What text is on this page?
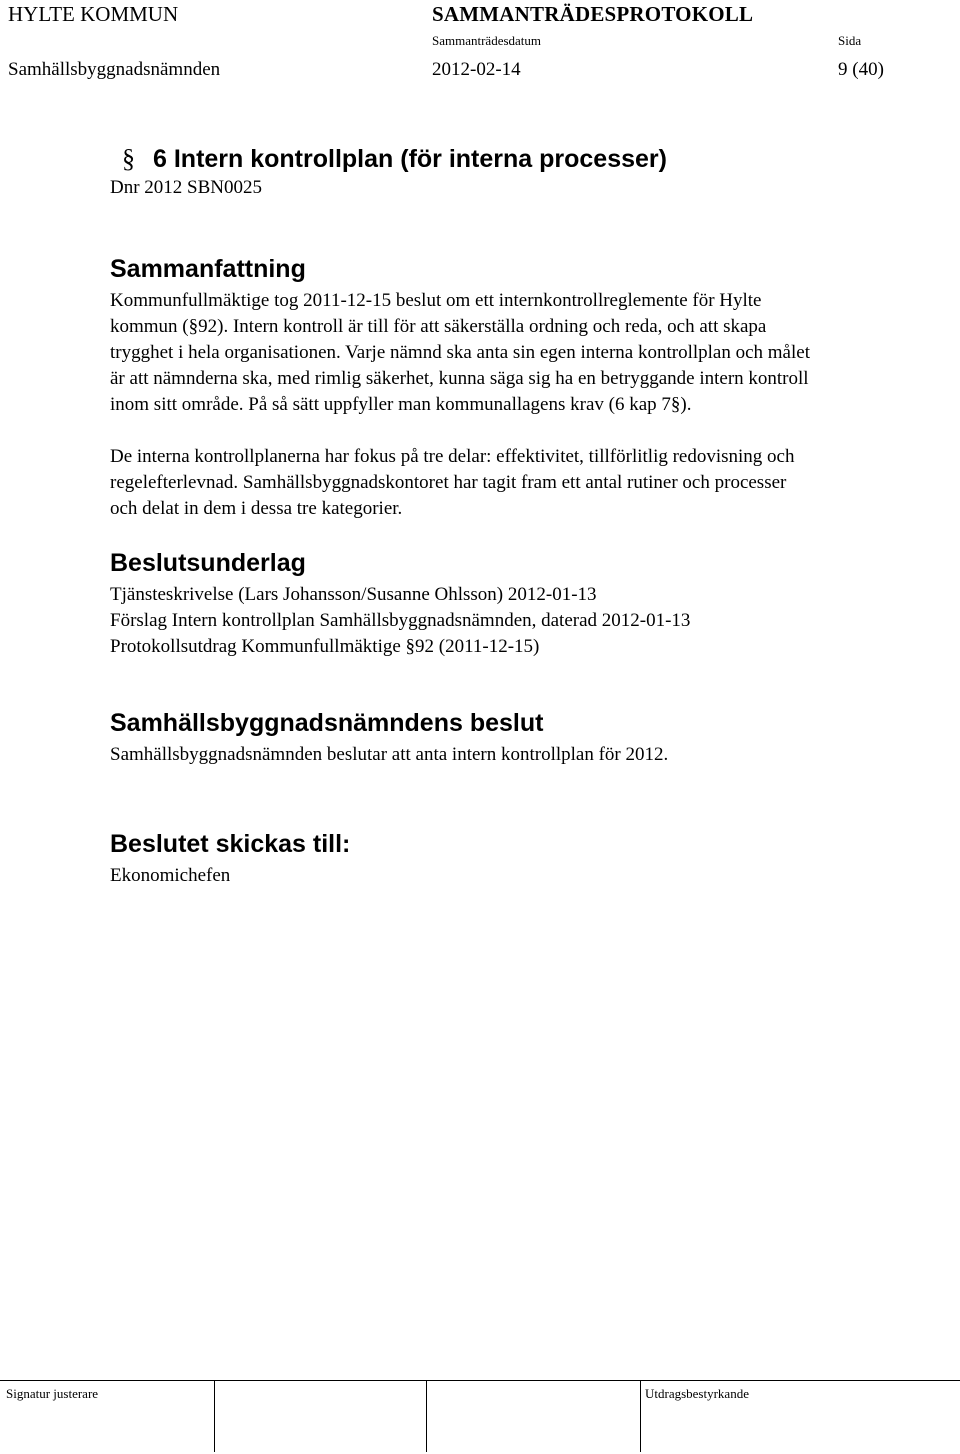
HYLTE KOMMUN	SAMMANTRÄDESPROTOKOLL
Sammanträdesdatum	Sida
Samhällsbyggnadsnämnden	2012-02-14	9 (40)
§ 6 Intern kontrollplan (för interna processer)
Dnr 2012 SBN0025
Sammanfattning

Kommunfullmäktige tog 2011-12-15 beslut om ett internkontrollreglemente för Hylte
kommun (§92). Intern kontroll är till för att säkerställa ordning och reda, och att skapa
trygghet i hela organisationen. Varje nämnd ska anta sin egen interna kontrollplan och målet
är att nämnderna ska, med rimlig säkerhet, kunna säga sig ha en betryggande intern kontroll
inom sitt område. På så sätt uppfyller man kommunallagens krav (6 kap 7§).

De interna kontrollplanerna har fokus på tre delar: effektivitet, tillförlitlig redovisning och
regelefterlevnad. Samhällsbyggnadskontoret har tagit fram ett antal rutiner och processer
och delat in dem i dessa tre kategorier.

Beslutsunderlag

Tjänsteskrivelse (Lars Johansson/Susanne Ohlsson) 2012-01-13
Förslag Intern kontrollplan Samhällsbyggnadsnämnden, daterad 2012-01-13
Protokollsutdrag Kommunfullmäktige §92 (2011-12-15)

Samhällsbyggnadsnämndens beslut

Samhällsbyggnadsnämnden beslutar att anta intern kontrollplan för 2012.

Beslutet skickas till:

Ekonomichefen

Signatur justerare	Utdragsbestyrkande
